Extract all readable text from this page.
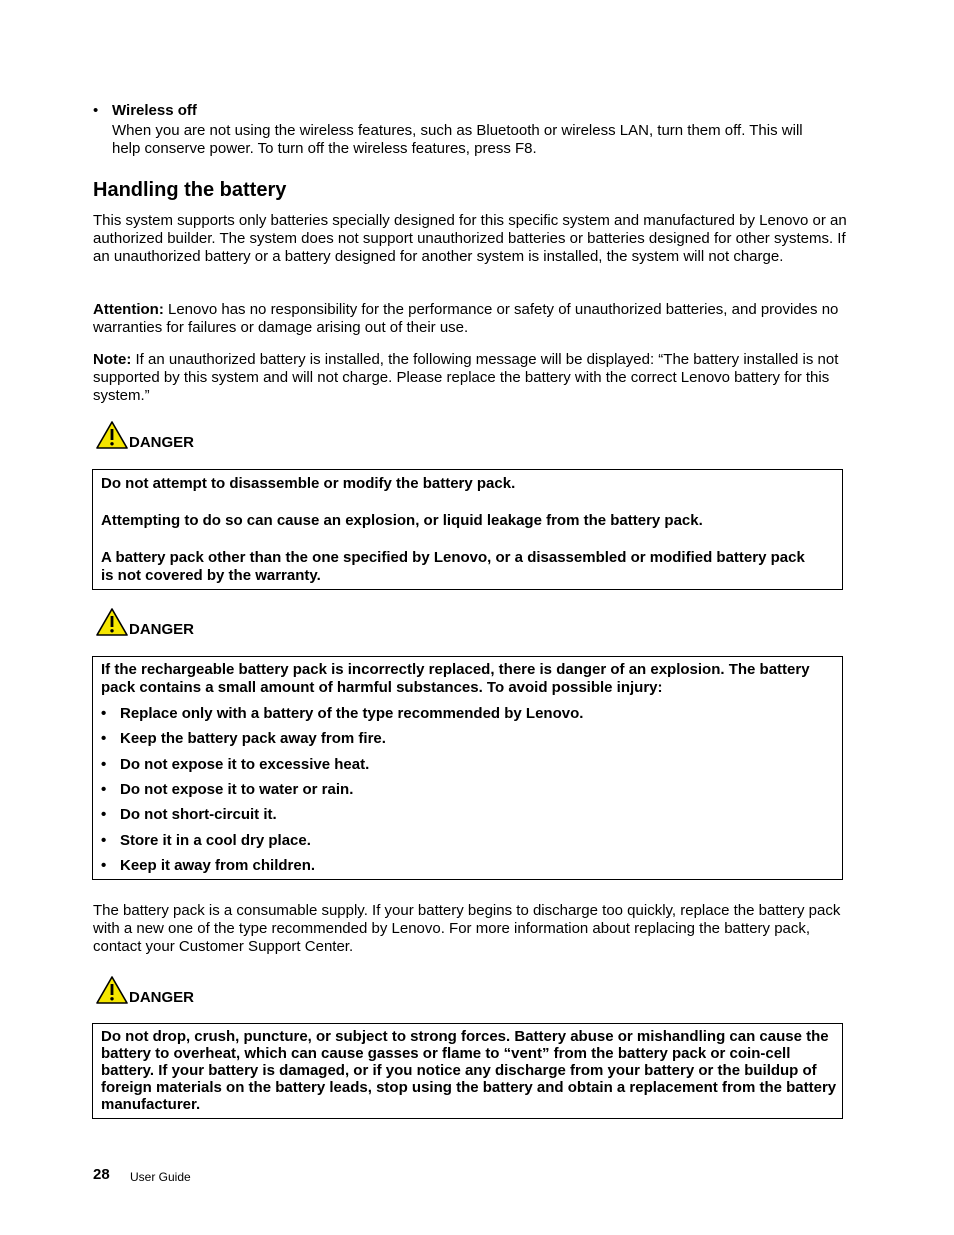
• Wireless off

When you are not using the wireless features, such as Bluetooth or wireless LAN, turn them off. This will help conserve power. To turn off the wireless features, press F8.

Handling the battery

This system supports only batteries specially designed for this specific system and manufactured by Lenovo or an authorized builder. The system does not support unauthorized batteries or batteries designed for other systems. If an unauthorized battery or a battery designed for another system is installed, the system will not charge.

Attention: Lenovo has no responsibility for the performance or safety of unauthorized batteries, and provides no warranties for failures or damage arising out of their use.

Note: If an unauthorized battery is installed, the following message will be displayed: “The battery installed is not supported by this system and will not charge. Please replace the battery with the correct Lenovo battery for this system.”

DANGER

Do not attempt to disassemble or modify the battery pack.

Attempting to do so can cause an explosion, or liquid leakage from the battery pack.

A battery pack other than the one specified by Lenovo, or a disassembled or modified battery pack is not covered by the warranty.

DANGER

If the rechargeable battery pack is incorrectly replaced, there is danger of an explosion. The battery pack contains a small amount of harmful substances. To avoid possible injury:

• Replace only with a battery of the type recommended by Lenovo.
• Keep the battery pack away from fire.
• Do not expose it to excessive heat.
• Do not expose it to water or rain.
• Do not short-circuit it.
• Store it in a cool dry place.
• Keep it away from children.

The battery pack is a consumable supply. If your battery begins to discharge too quickly, replace the battery pack with a new one of the type recommended by Lenovo. For more information about replacing the battery pack, contact your Customer Support Center.

DANGER

Do not drop, crush, puncture, or subject to strong forces. Battery abuse or mishandling can cause the battery to overheat, which can cause gasses or flame to “vent” from the battery pack or coin-cell battery. If your battery is damaged, or if you notice any discharge from your battery or the buildup of foreign materials on the battery leads, stop using the battery and obtain a replacement from the battery manufacturer.

28 User Guide
